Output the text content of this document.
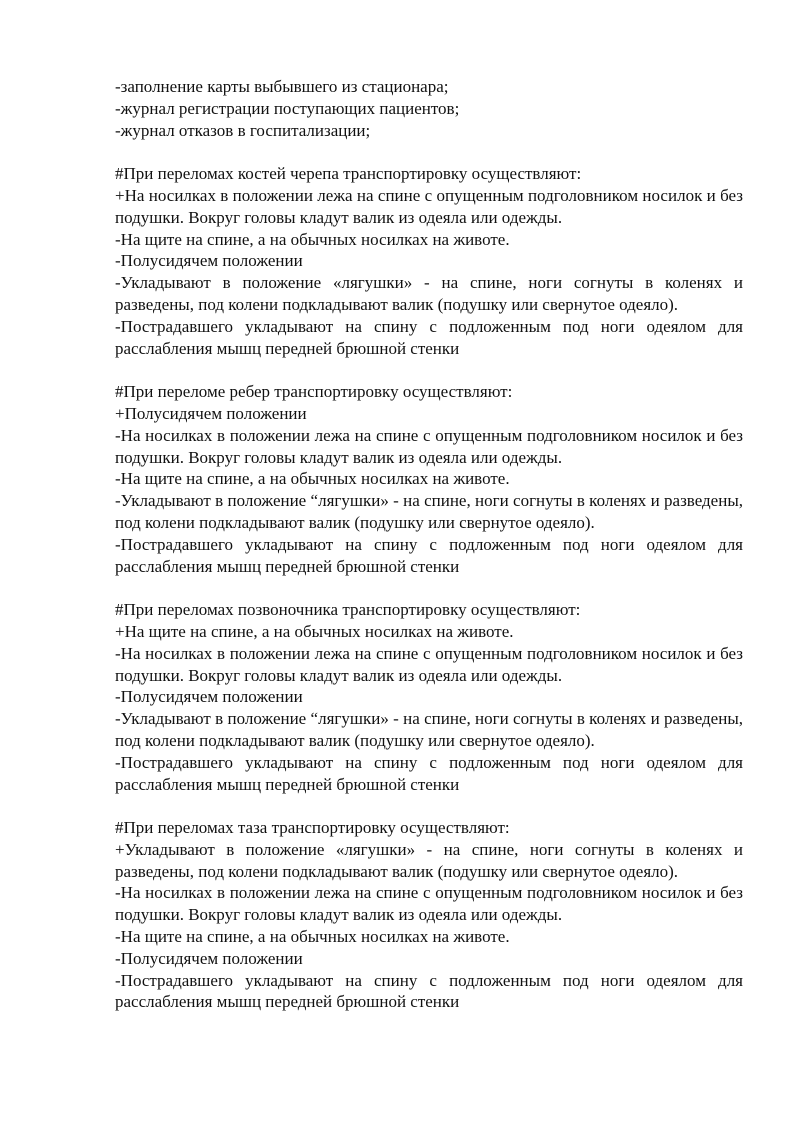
-заполнение карты выбывшего из стационара;

-журнал регистрации поступающих пациентов;

-журнал отказов в госпитализации;

#При переломах костей черепа транспортировку осуществляют:

+На носилках в положении лежа на спине с опущенным подголовником носилок и без подушки. Вокруг головы кладут валик из одеяла или одежды.

-На щите на спине, а на обычных носилках на животе.

-Полусидячем положении

-Укладывают в положение «лягушки» - на спине, ноги согнуты в коленях и разведены, под колени подкладывают валик (подушку или свернутое одеяло).

-Пострадавшего укладывают на спину с подложенным под ноги одеялом для расслабления мышц передней брюшной стенки

#При переломе ребер транспортировку осуществляют:

+Полусидячем положении

-На носилках в положении лежа на спине с опущенным подголовником носилок и без подушки. Вокруг головы кладут валик из одеяла или одежды.

-На щите на спине, а на обычных носилках на животе.

-Укладывают в положение “лягушки» - на спине, ноги согнуты в коленях и разведены, под колени подкладывают валик (подушку или свернутое одеяло).

-Пострадавшего укладывают на спину с подложенным под ноги одеялом для расслабления мышц передней брюшной стенки

#При переломах позвоночника транспортировку осуществляют:

+На щите на спине, а на обычных носилках на животе.

-На носилках в положении лежа на спине с опущенным подголовником носилок и без подушки. Вокруг головы кладут валик из одеяла или одежды.

-Полусидячем положении

-Укладывают в положение “лягушки» - на спине, ноги согнуты в коленях и разведены, под колени подкладывают валик (подушку или свернутое одеяло).

-Пострадавшего укладывают на спину с подложенным под ноги одеялом для расслабления мышц передней брюшной стенки

#При переломах таза транспортировку осуществляют:

+Укладывают в положение «лягушки» - на спине, ноги согнуты в коленях и разведены, под колени подкладывают валик (подушку или свернутое одеяло).

-На носилках в положении лежа на спине с опущенным подголовником носилок и без подушки. Вокруг головы кладут валик из одеяла или одежды.

-На щите на спине, а на обычных носилках на животе.

-Полусидячем положении

-Пострадавшего укладывают на спину с подложенным под ноги одеялом для расслабления мышц передней брюшной стенки
